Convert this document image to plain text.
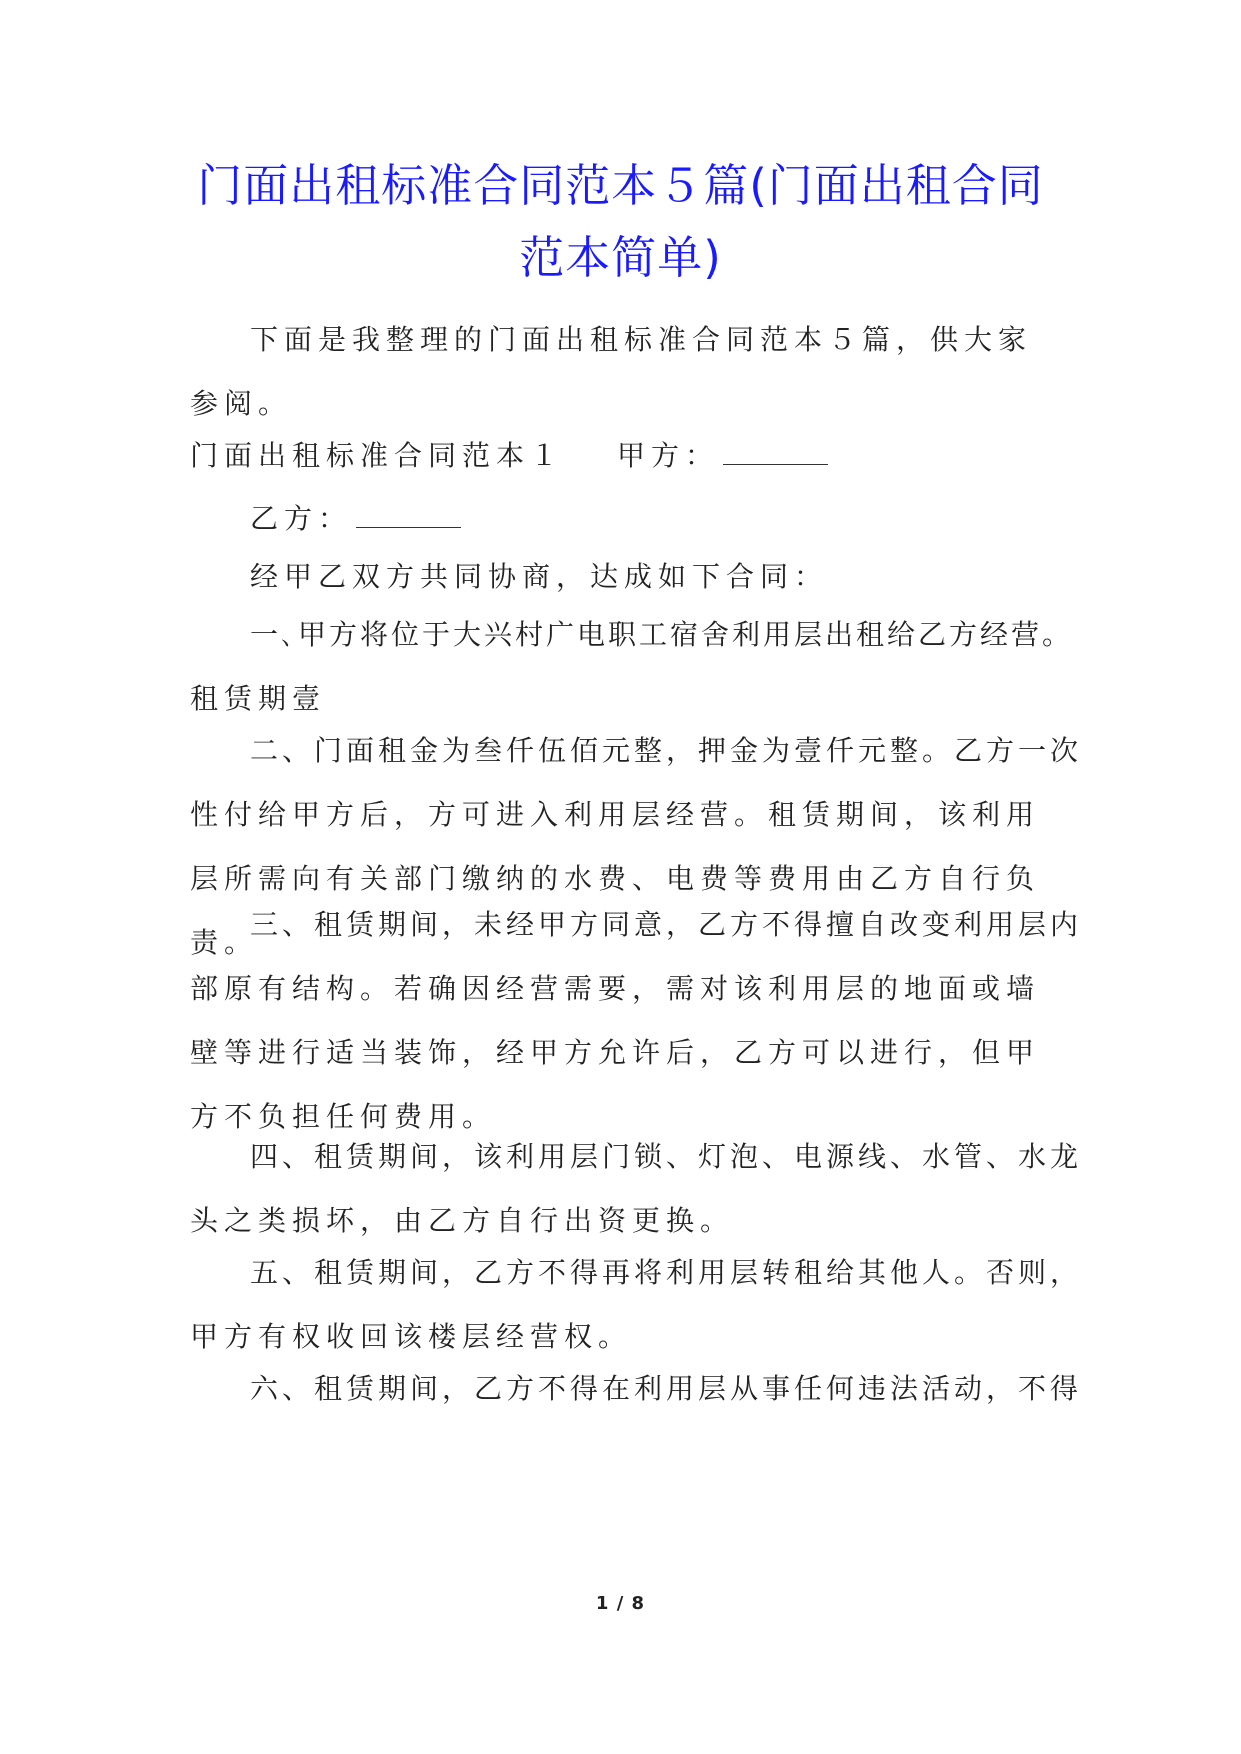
门面出租标准合同范本５篇(门面出租合同
范本简单)

下面是我整理的门面出租标准合同范本５篇，供大家参阅。

门面出租标准合同范本１	甲方：
乙方：

经甲乙双方共同协商，达成如下合同：

一､甲方将位于大兴村广电职工宿舍利用层出租给乙方经营。
租赁期壹
二、门面租金为叁仟伍佰元整，押金为壹仟元整。乙方一次
性付给甲方后，方可进入利用层经营。租赁期间，该利用层所需向有关部门缴纳的水费、电费等费用由乙方自行负责。
三、租赁期间，未经甲方同意，乙方不得擅自改变利用层内
部原有结构。若确因经营需要，需对该利用层的地面或墙壁等进行适当装饰，经甲方允许后，乙方可以进行，但甲方不负担任何费用。
四、租赁期间，该利用层门锁、灯泡、电源线、水管、水龙
头之类损坏，由乙方自行出资更换。
五、租赁期间，乙方不得再将利用层转租给其他人。否则，
甲方有权收回该楼层经营权。
六、租赁期间，乙方不得在利用层从事任何违法活动，不得
1 / 8
